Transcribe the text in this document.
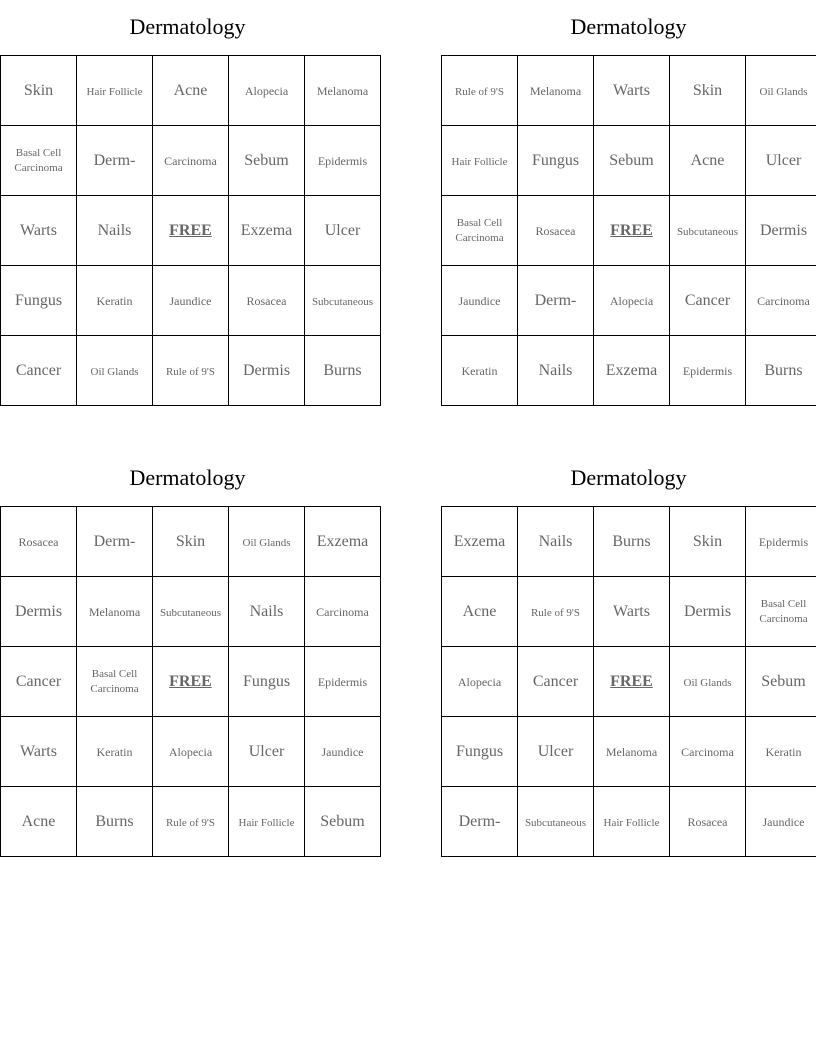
Dermatology
Skin	Hair Follicle	Acne	Alopecia	Melanoma
Basal Cell Carcinoma	Derm-	Carcinoma	Sebum	Epidermis
Warts	Nails	FREE	Exzema	Ulcer
Fungus	Keratin	Jaundice	Rosacea	Subcutaneous
Cancer	Oil Glands	Rule of 9'S	Dermis	Burns
Dermatology
Rule of 9'S	Melanoma	Warts	Skin	Oil Glands
Hair Follicle	Fungus	Sebum	Acne	Ulcer
Basal Cell Carcinoma	Rosacea	FREE	Subcutaneous	Dermis
Jaundice	Derm-	Alopecia	Cancer	Carcinoma
Keratin	Nails	Exzema	Epidermis	Burns
Dermatology
Rosacea	Derm-	Skin	Oil Glands	Exzema
Dermis	Melanoma	Subcutaneous	Nails	Carcinoma
Cancer	Basal Cell Carcinoma	FREE	Fungus	Epidermis
Warts	Keratin	Alopecia	Ulcer	Jaundice
Acne	Burns	Rule of 9'S	Hair Follicle	Sebum
Dermatology
Exzema	Nails	Burns	Skin	Epidermis
Acne	Rule of 9'S	Warts	Dermis	Basal Cell Carcinoma
Alopecia	Cancer	FREE	Oil Glands	Sebum
Fungus	Ulcer	Melanoma	Carcinoma	Keratin
Derm-	Subcutaneous	Hair Follicle	Rosacea	Jaundice
